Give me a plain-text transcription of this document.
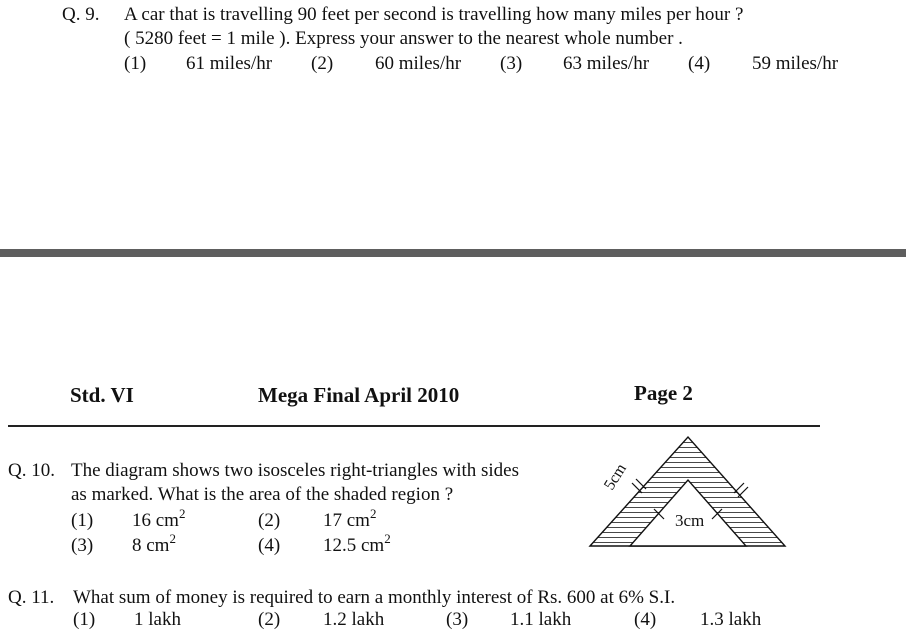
Q. 9. A car that is travelling 90 feet per second is travelling how many miles per hour ?
( 5280 feet = 1 mile ). Express your answer to the nearest whole number .
(1) 61 miles/hr (2) 60 miles/hr (3) 63 miles/hr (4) 59 miles/hr
Std. VI	Mega Final April 2010	Page 2
Q. 10. The diagram shows two isosceles right-triangles with sides
as marked. What is the area of the shaded region ?
(1) 16 $cm^2$	(2) 17 $cm^2$
(3) 8 $cm^2$	(4) 12.5 $cm^2$
5cm
3cm
Q. 11. What sum of money is required to earn a monthly interest of Rs. 600 at 6% S.I.
(1) 1 lakh	(2) 1.2 lakh	(3) 1.1 lakh	(4) 1.3 lakh
